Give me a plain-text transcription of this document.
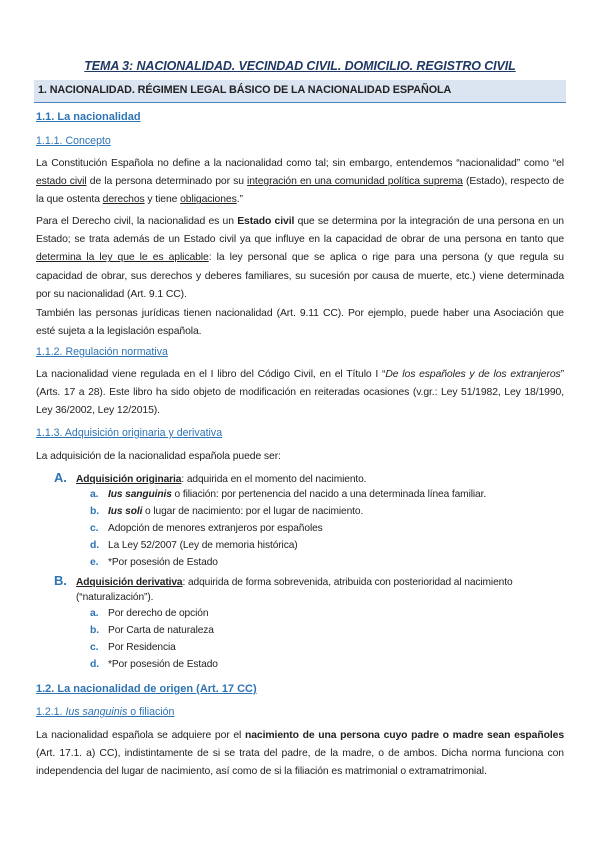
TEMA 3: NACIONALIDAD. VECINDAD CIVIL. DOMICILIO. REGISTRO CIVIL
1. NACIONALIDAD. RÉGIMEN LEGAL BÁSICO DE LA NACIONALIDAD ESPAÑOLA
1.1. La nacionalidad
1.1.1. Concepto

La Constitución Española no define a la nacionalidad como tal; sin embargo, entendemos “nacionalidad” como “el estado civil de la persona determinado por su integración en una comunidad política suprema (Estado), respecto de la que ostenta derechos y tiene obligaciones.”

Para el Derecho civil, la nacionalidad es un Estado civil que se determina por la integración de una persona en un Estado; se trata además de un Estado civil ya que influye en la capacidad de obrar de una persona en tanto que determina la ley que le es aplicable: la ley personal que se aplica o rige para una persona (y que regula su capacidad de obrar, sus derechos y deberes familiares, su sucesión por causa de muerte, etc.) viene determinada por su nacionalidad (Art. 9.1 CC).

También las personas jurídicas tienen nacionalidad (Art. 9.11 CC). Por ejemplo, puede haber una Asociación que esté sujeta a la legislación española.

1.1.2. Regulación normativa

La nacionalidad viene regulada en el I libro del Código Civil, en el Título I “De los españoles y de los extranjeros” (Arts. 17 a 28). Este libro ha sido objeto de modificación en reiteradas ocasiones (v.gr.: Ley 51/1982, Ley 18/1990, Ley 36/2002, Ley 12/2015).

1.1.3. Adquisición originaria y derivativa

La adquisición de la nacionalidad española puede ser:

A. Adquisición originaria: adquirida en el momento del nacimiento.
a. Ius sanguinis o filiación: por pertenencia del nacido a una determinada línea familiar.
b. Ius soli o lugar de nacimiento: por el lugar de nacimiento.
c. Adopción de menores extranjeros por españoles
d. La Ley 52/2007 (Ley de memoria histórica)
e. *Por posesión de Estado
B. Adquisición derivativa: adquirida de forma sobrevenida, atribuida con posterioridad al nacimiento
(“naturalización”).
a. Por derecho de opción
b. Por Carta de naturaleza
c. Por Residencia
d. *Por posesión de Estado
1.2. La nacionalidad de origen (Art. 17 CC)
1.2.1. Ius sanguinis o filiación

La nacionalidad española se adquiere por el nacimiento de una persona cuyo padre o madre sean españoles (Art. 17.1. a) CC), indistintamente de si se trata del padre, de la madre, o de ambos. Dicha norma funciona con independencia del lugar de nacimiento, así como de si la filiación es matrimonial o extramatrimonial.
